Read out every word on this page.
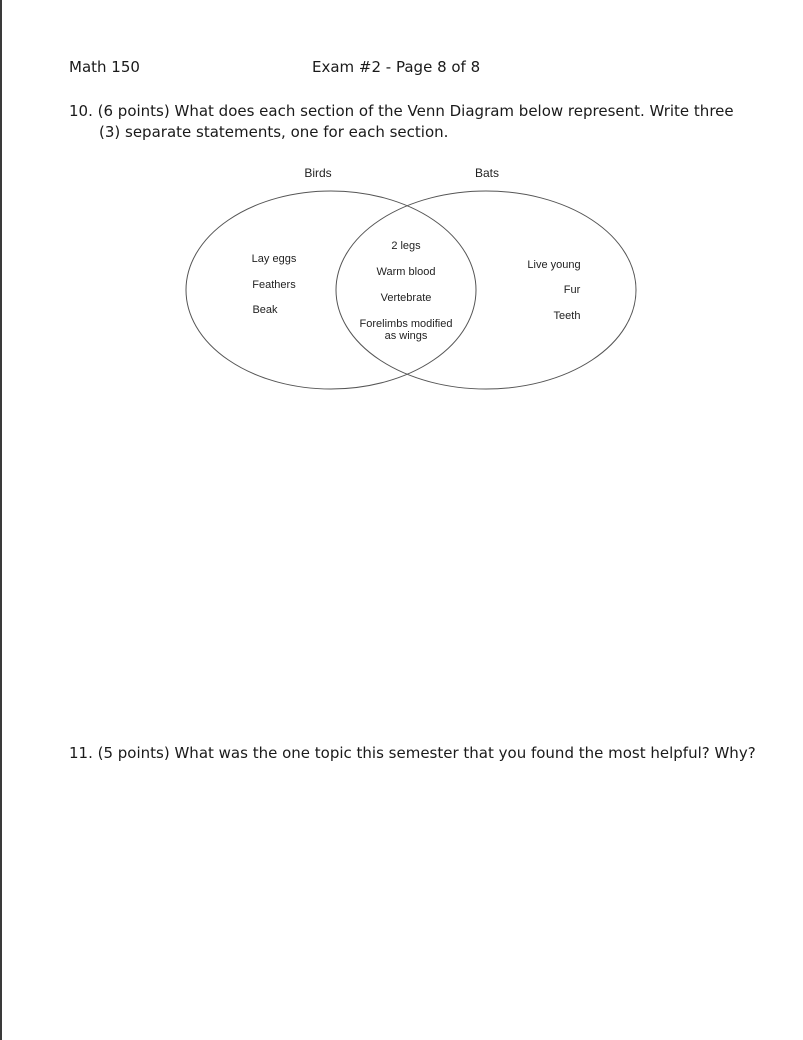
Math 150	Exam #2 - Page 8 of 8
10. (6 points) What does each section of the Venn Diagram below represent. Write three
(3) separate statements, one for each section.
Birds	Bats
Lay eggs
Feathers
Beak
2 legs
Warm blood
Vertebrate
Forelimbs modified
as wings
Live young
Fur
Teeth
11. (5 points) What was the one topic this semester that you found the most helpful? Why?
